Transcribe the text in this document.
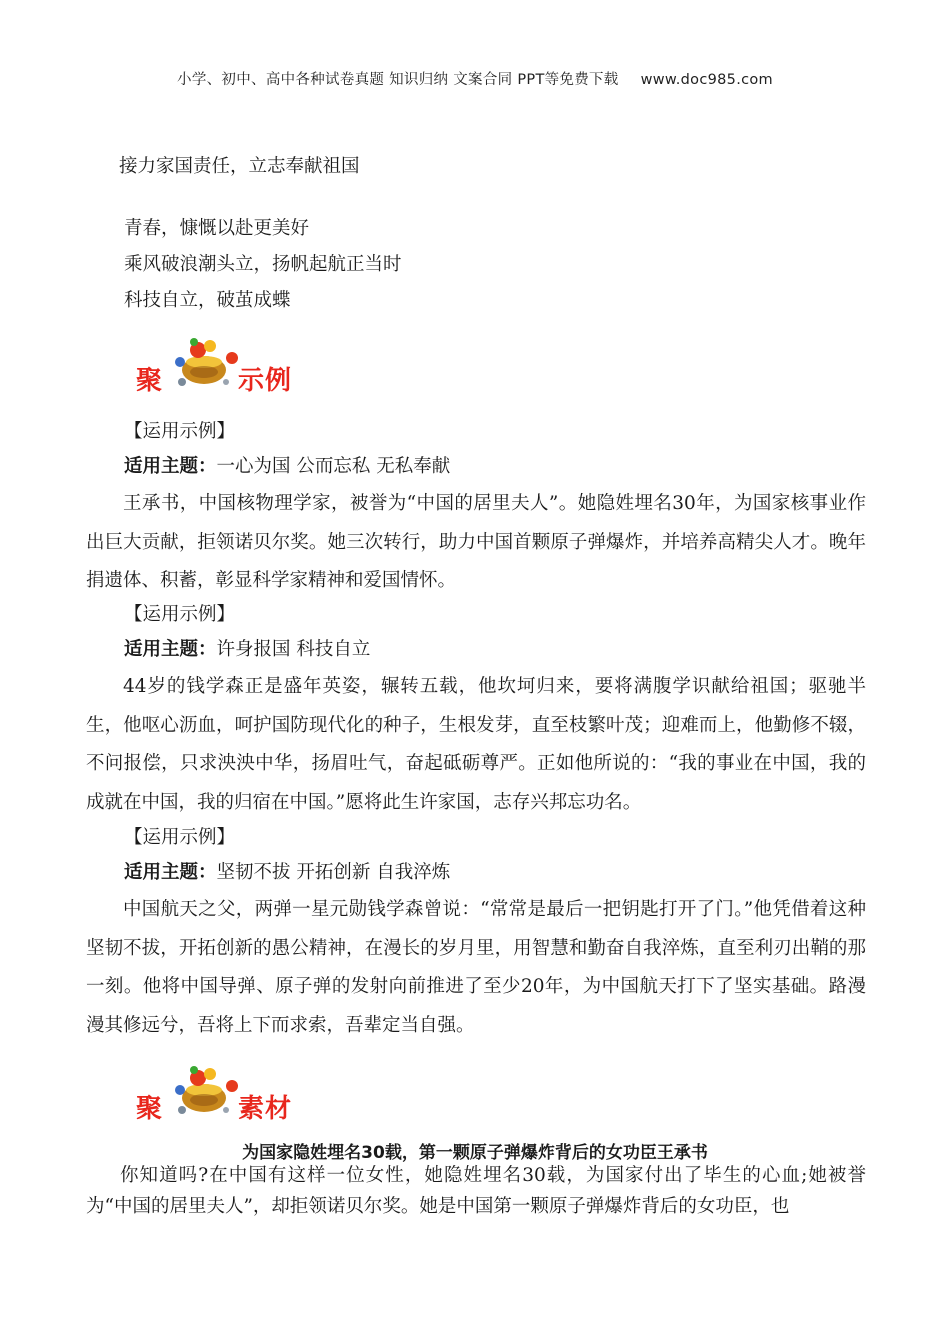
小学、初中、高中各种试卷真题 知识归纳 文案合同 PPT等免费下载 www.doc985.com
接力家国责任，立志奉献祖国
青春，慷慨以赴更美好
乘风破浪潮头立，扬帆起航正当时
科技自立，破茧成蝶
聚	示例
【运用示例】
适用主题：一心为国 公而忘私 无私奉献
王承书，中国核物理学家，被誉为“中国的居里夫人”。她隐姓埋名30年，为国家核事业作出巨大贡献，拒领诺贝尔奖。她三次转行，助力中国首颗原子弹爆炸，并培养高精尖人才。晚年捐遗体、积蓄，彰显科学家精神和爱国情怀。
【运用示例】
适用主题：许身报国 科技自立
44岁的钱学森正是盛年英姿，辗转五载，他坎坷归来，要将满腹学识献给祖国；驱驰半生，他呕心沥血，呵护国防现代化的种子，生根发芽，直至枝繁叶茂；迎难而上，他勤修不辍，不问报偿，只求泱泱中华，扬眉吐气，奋起砥砺尊严。正如他所说的：“我的事业在中国，我的成就在中国，我的归宿在中国。”愿将此生许家国，志存兴邦忘功名。
【运用示例】
适用主题：坚韧不拔 开拓创新 自我淬炼
中国航天之父，两弹一星元勋钱学森曾说：“常常是最后一把钥匙打开了门。”他凭借着这种坚韧不拔，开拓创新的愚公精神，在漫长的岁月里，用智慧和勤奋自我淬炼，直至利刃出鞘的那一刻。他将中国导弹、原子弹的发射向前推进了至少20年，为中国航天打下了坚实基础。路漫漫其修远兮，吾将上下而求索，吾辈定当自强。
聚	素材
为国家隐姓埋名30载，第一颗原子弹爆炸背后的女功臣王承书
你知道吗?在中国有这样一位女性，她隐姓埋名30载，为国家付出了毕生的心血;她被誉为“中国的居里夫人”，却拒领诺贝尔奖。她是中国第一颗原子弹爆炸背后的女功臣，也
